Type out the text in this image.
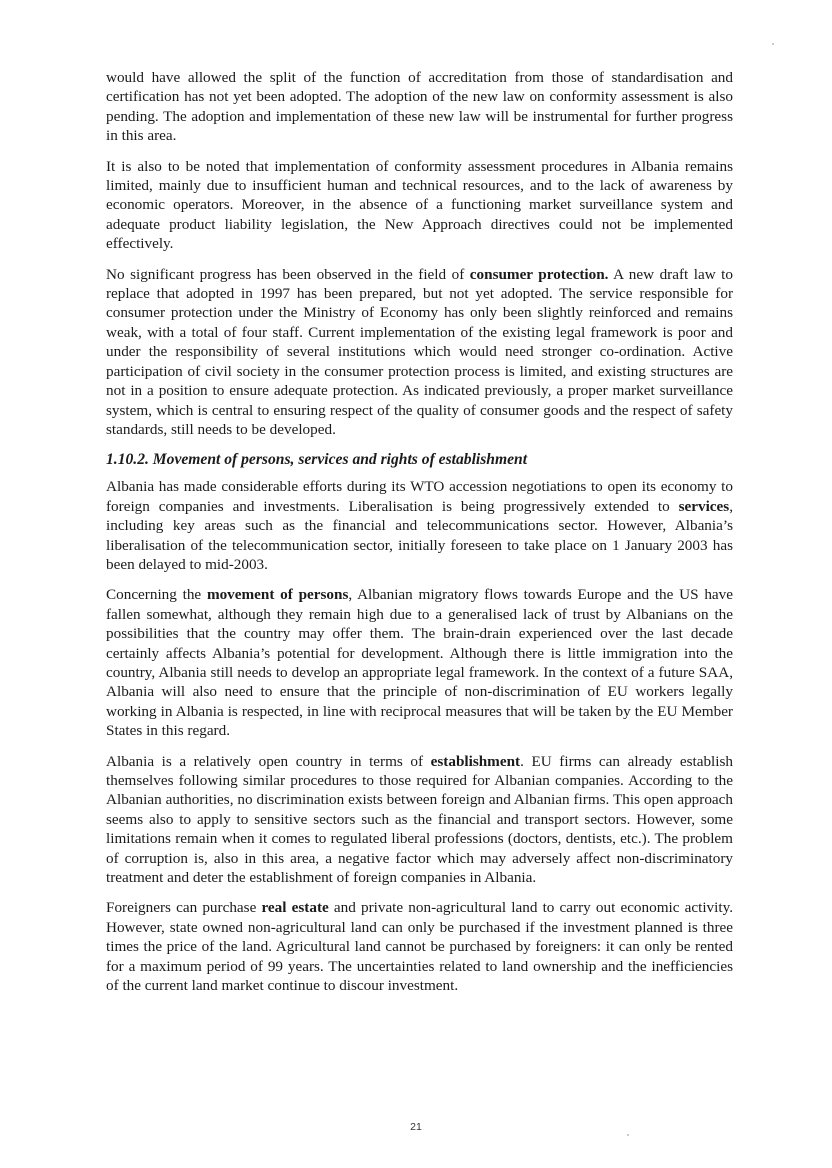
would have allowed the split of the function of accreditation from those of standardisation and certification has not yet been adopted. The adoption of the new law on conformity assessment is also pending. The adoption and implementation of these new law will be instrumental for further progress in this area.

It is also to be noted that implementation of conformity assessment procedures in Albania remains limited, mainly due to insufficient human and technical resources, and to the lack of awareness by economic operators. Moreover, in the absence of a functioning market surveillance system and adequate product liability legislation, the New Approach directives could not be implemented effectively.

No significant progress has been observed in the field of consumer protection. A new draft law to replace that adopted in 1997 has been prepared, but not yet adopted. The service responsible for consumer protection under the Ministry of Economy has only been slightly reinforced and remains weak, with a total of four staff. Current implementation of the existing legal framework is poor and under the responsibility of several institutions which would need stronger co-ordination. Active participation of civil society in the consumer protection process is limited, and existing structures are not in a position to ensure adequate protection. As indicated previously, a proper market surveillance system, which is central to ensuring respect of the quality of consumer goods and the respect of safety standards, still needs to be developed.

1.10.2. Movement of persons, services and rights of establishment

Albania has made considerable efforts during its WTO accession negotiations to open its economy to foreign companies and investments. Liberalisation is being progressively extended to services, including key areas such as the financial and telecommunications sector. However, Albania’s liberalisation of the telecommunication sector, initially foreseen to take place on 1 January 2003 has been delayed to mid-2003.

Concerning the movement of persons, Albanian migratory flows towards Europe and the US have fallen somewhat, although they remain high due to a generalised lack of trust by Albanians on the possibilities that the country may offer them. The brain-drain experienced over the last decade certainly affects Albania’s potential for development. Although there is little immigration into the country, Albania still needs to develop an appropriate legal framework. In the context of a future SAA, Albania will also need to ensure that the principle of non-discrimination of EU workers legally working in Albania is respected, in line with reciprocal measures that will be taken by the EU Member States in this regard.

Albania is a relatively open country in terms of establishment. EU firms can already establish themselves following similar procedures to those required for Albanian companies. According to the Albanian authorities, no discrimination exists between foreign and Albanian firms. This open approach seems also to apply to sensitive sectors such as the financial and transport sectors. However, some limitations remain when it comes to regulated liberal professions (doctors, dentists, etc.). The problem of corruption is, also in this area, a negative factor which may adversely affect non-discriminatory treatment and deter the establishment of foreign companies in Albania.

Foreigners can purchase real estate and private non-agricultural land to carry out economic activity. However, state owned non-agricultural land can only be purchased if the investment planned is three times the price of the land. Agricultural land cannot be purchased by foreigners: it can only be rented for a maximum period of 99 years. The uncertainties related to land ownership and the inefficiencies of the current land market continue to discour investment.

21
